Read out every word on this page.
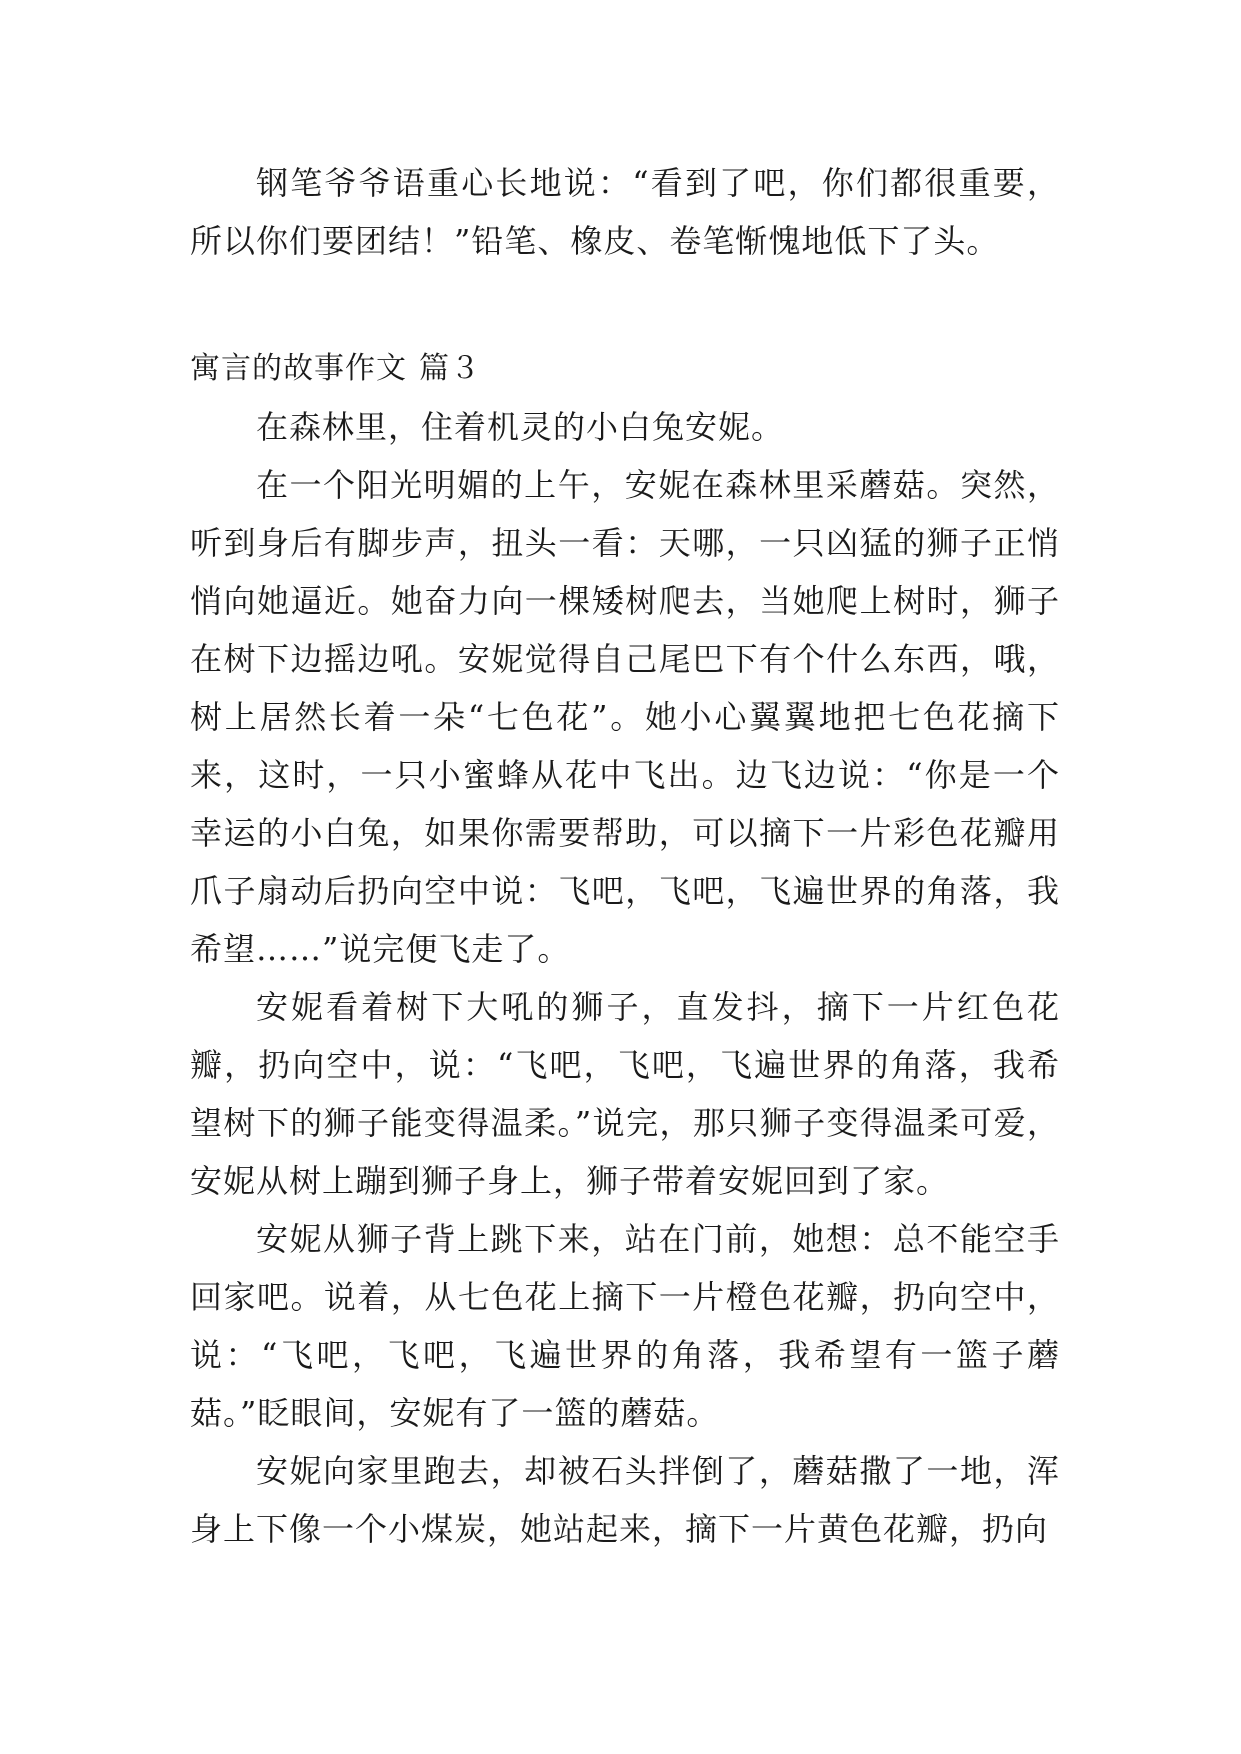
钢笔爷爷语重心长地说：“看到了吧，你们都很重要，所以你们要团结！”铅笔、橡皮、卷笔惭愧地低下了头。

寓言的故事作文 篇３

在森林里，住着机灵的小白兔安妮。

在一个阳光明媚的上午，安妮在森林里采蘑菇。突然，听到身后有脚步声，扭头一看：天哪，一只凶猛的狮子正悄悄向她逼近。她奋力向一棵矮树爬去，当她爬上树时，狮子在树下边摇边吼。安妮觉得自己尾巴下有个什么东西，哦，树上居然长着一朵“七色花”。她小心翼翼地把七色花摘下来，这时，一只小蜜蜂从花中飞出。边飞边说：“你是一个幸运的小白兔，如果你需要帮助，可以摘下一片彩色花瓣用爪子扇动后扔向空中说：飞吧，飞吧，飞遍世界的角落，我希望……”说完便飞走了。

安妮看着树下大吼的狮子，直发抖，摘下一片红色花瓣，扔向空中，说：“飞吧，飞吧，飞遍世界的角落，我希望树下的狮子能变得温柔。”说完，那只狮子变得温柔可爱，安妮从树上蹦到狮子身上，狮子带着安妮回到了家。

安妮从狮子背上跳下来，站在门前，她想：总不能空手回家吧。说着，从七色花上摘下一片橙色花瓣，扔向空中，说：“飞吧，飞吧，飞遍世界的角落，我希望有一篮子蘑菇。”眨眼间，安妮有了一篮的蘑菇。

安妮向家里跑去，却被石头拌倒了，蘑菇撒了一地，浑身上下像一个小煤炭，她站起来，摘下一片黄色花瓣，扔向
